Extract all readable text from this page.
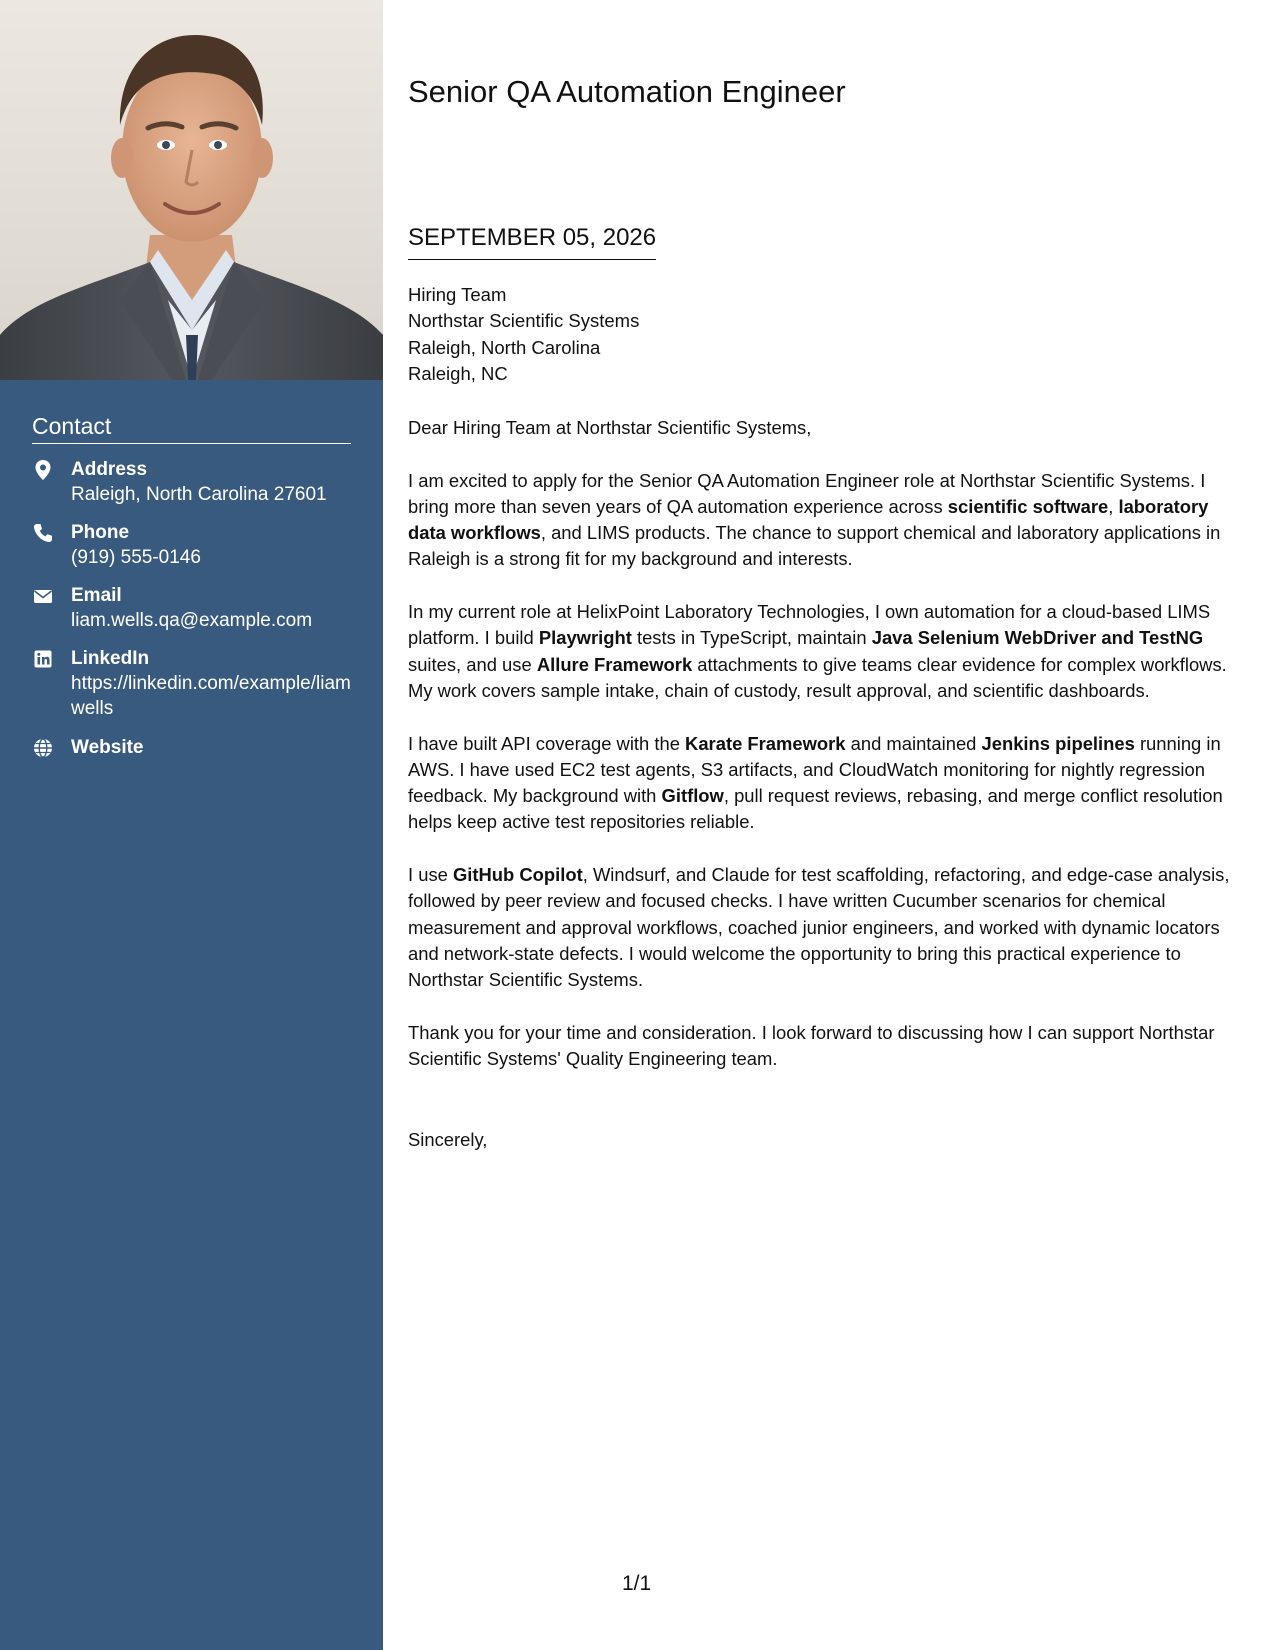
Contact
Address
Raleigh, North Carolina 27601
Phone
(919) 555-0146
Email
liam.wells.qa@example.com
LinkedIn
https://linkedin.com/example/liamwells
Website
Senior QA Automation Engineer
SEPTEMBER 05, 2026
Hiring Team
Northstar Scientific Systems
Raleigh, North Carolina
Raleigh, NC

Dear Hiring Team at Northstar Scientific Systems,

I am excited to apply for the Senior QA Automation Engineer role at Northstar Scientific Systems. I bring more than seven years of QA automation experience across scientific software, laboratory data workflows, and LIMS products. The chance to support chemical and laboratory applications in Raleigh is a strong fit for my background and interests.

In my current role at HelixPoint Laboratory Technologies, I own automation for a cloud-based LIMS platform. I build Playwright tests in TypeScript, maintain Java Selenium WebDriver and TestNG suites, and use Allure Framework attachments to give teams clear evidence for complex workflows. My work covers sample intake, chain of custody, result approval, and scientific dashboards.

I have built API coverage with the Karate Framework and maintained Jenkins pipelines running in AWS. I have used EC2 test agents, S3 artifacts, and CloudWatch monitoring for nightly regression feedback. My background with Gitflow, pull request reviews, rebasing, and merge conflict resolution helps keep active test repositories reliable.

I use GitHub Copilot, Windsurf, and Claude for test scaffolding, refactoring, and edge-case analysis, followed by peer review and focused checks. I have written Cucumber scenarios for chemical measurement and approval workflows, coached junior engineers, and worked with dynamic locators and network-state defects. I would welcome the opportunity to bring this practical experience to Northstar Scientific Systems.

Thank you for your time and consideration. I look forward to discussing how I can support Northstar Scientific Systems' Quality Engineering team.

Sincerely,
1/1
